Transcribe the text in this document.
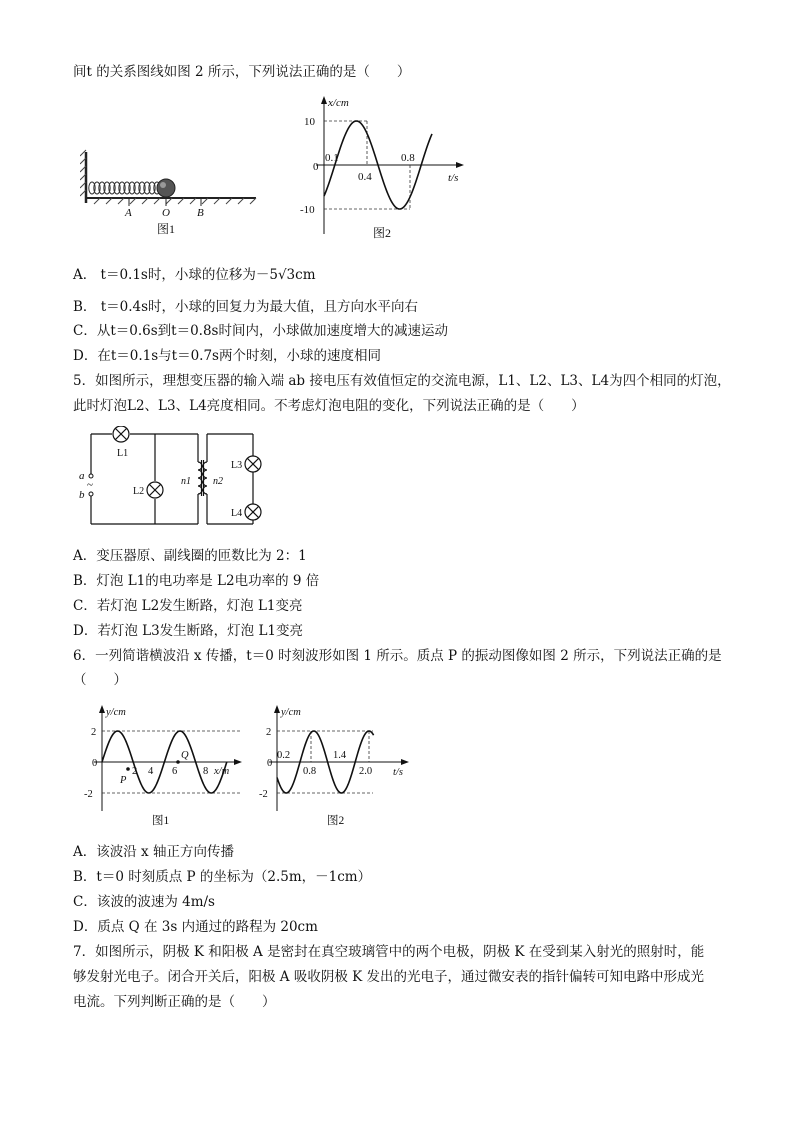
间t 的关系图线如图 2 所示，下列说法正确的是（　　）
A	O B
图1
x/cm
t/s
0
10
-10
0.1
0.4
0.8
图2
A． t＝0.1s时，小球的位移为－5√3cm
B． t＝0.4s时，小球的回复力为最大值，且方向水平向右
C．从t＝0.6s到t＝0.8s时间内，小球做加速度增大的减速运动
D．在t＝0.1s与t＝0.7s两个时刻，小球的速度相同
5．如图所示，理想变压器的输入端 ab 接电压有效值恒定的交流电源，L1、L2、L3、L4为四个相同的灯泡，
此时灯泡L2、L3、L4亮度相同。不考虑灯泡电阻的变化，下列说法正确的是（　　）
a
b
~	n1 n2
L1
L2
L3
L4
A．变压器原、副线圈的匝数比为 2：1
B．灯泡 L1的电功率是 L2电功率的 9 倍
C．若灯泡 L2发生断路，灯泡 L1变亮
D．若灯泡 L3发生断路，灯泡 L1变亮
6．一列简谐横波沿 x 传播，t＝0 时刻波形如图 1 所示。质点 P 的振动图像如图 2 所示，下列说法正确的是
（　　）
y/cm
x/m
0
2
-2
2 4 6 8
P
Q
图1
y/cm
t/s
0
2
-2
0.2
0.8
1.4
2.0
图2
A．该波沿 x 轴正方向传播
B．t＝0 时刻质点 P 的坐标为（2.5m，－1cm）
C．该波的波速为 4m/s
D．质点 Q 在 3s 内通过的路程为 20cm
7．如图所示，阴极 K 和阳极 A 是密封在真空玻璃管中的两个电极，阴极 K 在受到某入射光的照射时，能
够发射光电子。闭合开关后，阳极 A 吸收阴极 K 发出的光电子，通过微安表的指针偏转可知电路中形成光
电流。下列判断正确的是（　　）
